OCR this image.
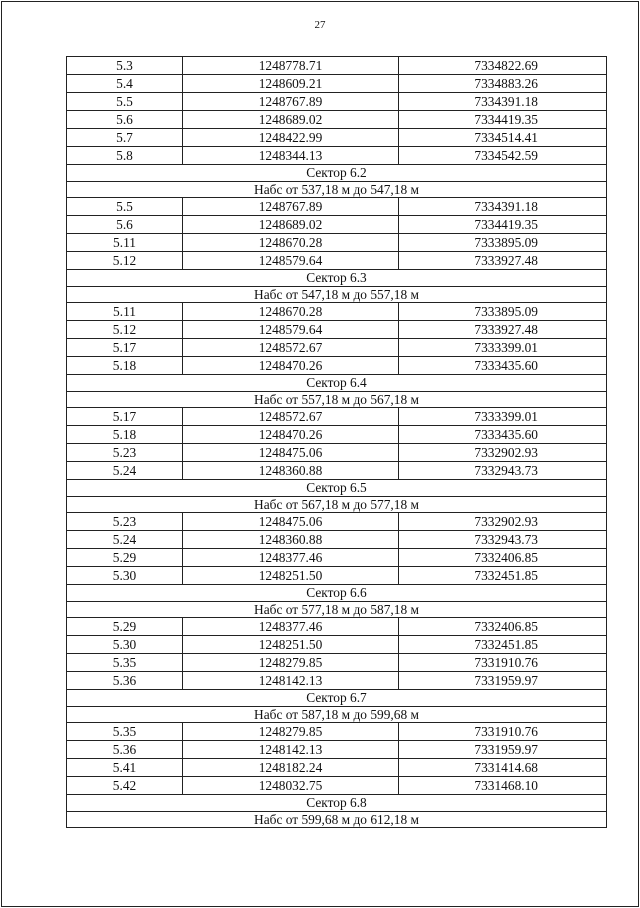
27
5.3	1248778.71	7334822.69
5.4	1248609.21	7334883.26
5.5	1248767.89	7334391.18
5.6	1248689.02	7334419.35
5.7	1248422.99	7334514.41
5.8	1248344.13	7334542.59
Сектор 6.2		
Набс от 537,18 м до 547,18 м		
5.5	1248767.89	7334391.18
5.6	1248689.02	7334419.35
5.11	1248670.28	7333895.09
5.12	1248579.64	7333927.48
Сектор 6.3		
Набс от 547,18 м до 557,18 м		
5.11	1248670.28	7333895.09
5.12	1248579.64	7333927.48
5.17	1248572.67	7333399.01
5.18	1248470.26	7333435.60
Сектор 6.4		
Набс от 557,18 м до 567,18 м		
5.17	1248572.67	7333399.01
5.18	1248470.26	7333435.60
5.23	1248475.06	7332902.93
5.24	1248360.88	7332943.73
Сектор 6.5		
Набс от 567,18 м до 577,18 м		
5.23	1248475.06	7332902.93
5.24	1248360.88	7332943.73
5.29	1248377.46	7332406.85
5.30	1248251.50	7332451.85
Сектор 6.6		
Набс от 577,18 м до 587,18 м		
5.29	1248377.46	7332406.85
5.30	1248251.50	7332451.85
5.35	1248279.85	7331910.76
5.36	1248142.13	7331959.97
Сектор 6.7		
Набс от 587,18 м до 599,68 м		
5.35	1248279.85	7331910.76
5.36	1248142.13	7331959.97
5.41	1248182.24	7331414.68
5.42	1248032.75	7331468.10
Сектор 6.8		
Набс от 599,68 м до 612,18 м		
